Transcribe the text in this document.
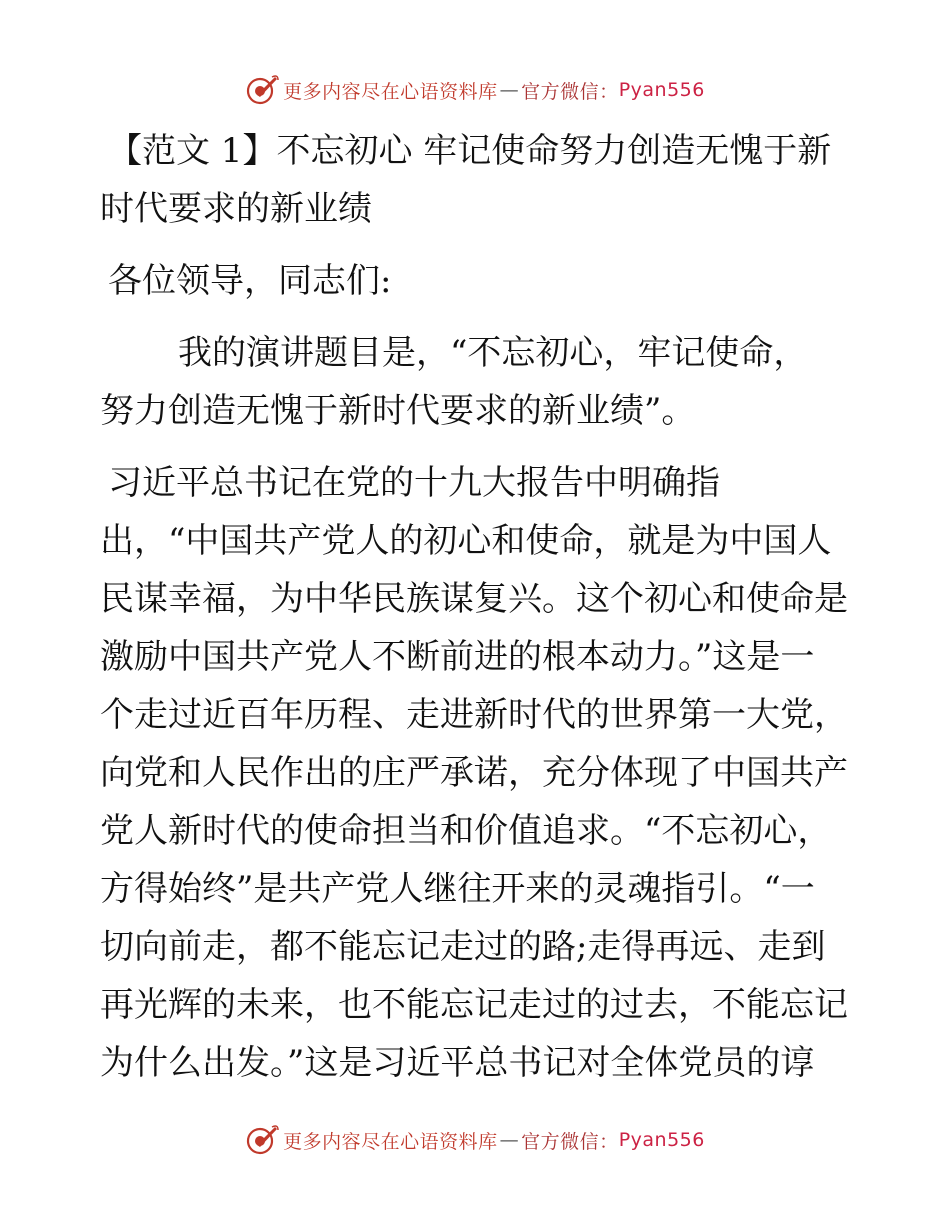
更多内容尽在心语资料库 — 官方微信： Pyan556
【范文 1】不忘初心 牢记使命努力创造无愧于新
时代要求的新业绩
各位领导，同志们:
我的演讲题目是，“不忘初心，牢记使命，
努力创造无愧于新时代要求的新业绩”。
习近平总书记在党的十九大报告中明确指
出，“中国共产党人的初心和使命，就是为中国人
民谋幸福，为中华民族谋复兴。这个初心和使命是
激励中国共产党人不断前进的根本动力。”这是一
个走过近百年历程、走进新时代的世界第一大党，
向党和人民作出的庄严承诺，充分体现了中国共产
党人新时代的使命担当和价值追求。“不忘初心，
方得始终”是共产党人继往开来的灵魂指引。“一
切向前走，都不能忘记走过的路;走得再远、走到
再光辉的未来，也不能忘记走过的过去，不能忘记
为什么出发。”这是习近平总书记对全体党员的谆
更多内容尽在心语资料库 — 官方微信： Pyan556
